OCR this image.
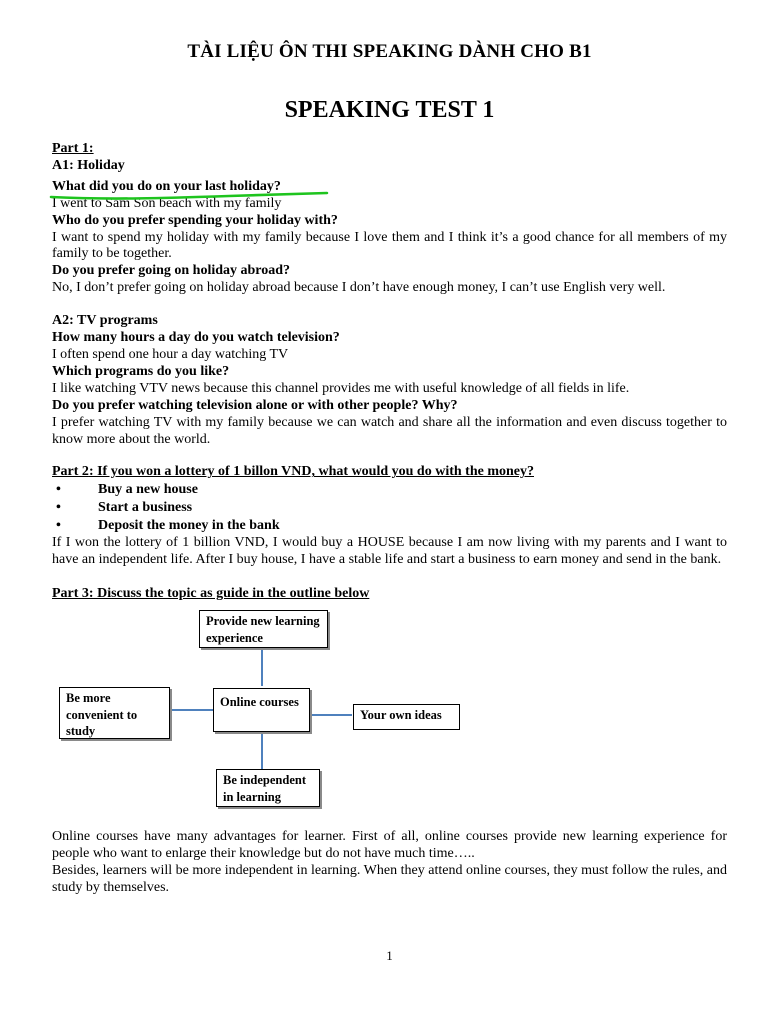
TÀI LIỆU ÔN THI SPEAKING DÀNH CHO B1
SPEAKING TEST 1

Part 1:

A1: Holiday

What did you do on your last holiday?

I went to Sam Son beach with my family

Who do you prefer spending your holiday with?

I want to spend my holiday with my family because I love them and I think it’s a good chance for all members of my family to be together.

Do you prefer going on holiday abroad?

No, I don’t prefer going on holiday abroad because I don’t have enough money, I can’t use English very well.

A2: TV programs

How many hours a day do you watch television?

I often spend one hour a day watching TV

Which programs do you like?

I like watching VTV news because this channel provides me with useful knowledge of all fields in life.

Do you prefer watching television alone or with other people? Why?

I prefer watching TV with my family because we can watch and share all the information and even discuss together to know more about the world.

Part 2: If you won a lottery of 1 billon VND, what would you do with the money?

•	Buy a new house
•	Start a business
•	Deposit the money in the bank

If I won the lottery of 1 billion VND, I would buy a HOUSE because I am now living with my parents and I want to have an independent life. After I buy house, I have a stable life and start a business to earn money and send in the bank.

Part 3: Discuss the topic as guide in the outline below

Provide new learning experience
Be more convenient to study
Online courses
Your own ideas
Be independent in learning

Online courses have many advantages for learner. First of all, online courses provide new learning experience for people who want to enlarge their knowledge but do not have much time…..

Besides, learners will be more independent in learning. When they attend online courses, they must follow the rules, and study by themselves.

1
